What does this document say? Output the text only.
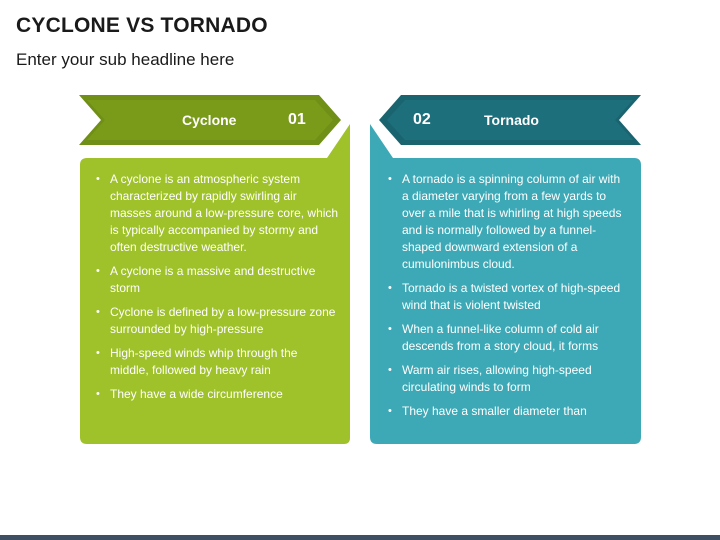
CYCLONE VS TORNADO
Enter your sub headline here
Cyclone	01	02	Tornado
• A cyclone is an atmospheric system characterized by rapidly swirling air masses around a low-pressure core, which is typically accompanied by stormy and often destructive weather.
• A cyclone is a massive and destructive storm
• Cyclone is defined by a low-pressure zone surrounded by high-pressure
• High-speed winds whip through the middle, followed by heavy rain
• They have a wide circumference
• A tornado is a spinning column of air with a diameter varying from a few yards to over a mile that is whirling at high speeds and is normally followed by a funnel-shaped downward extension of a cumulonimbus cloud.
• Tornado is a twisted vortex of high-speed wind that is violent twisted
• When a funnel-like column of cold air descends from a story cloud, it forms
• Warm air rises, allowing high-speed circulating winds to form
• They have a smaller diameter than
